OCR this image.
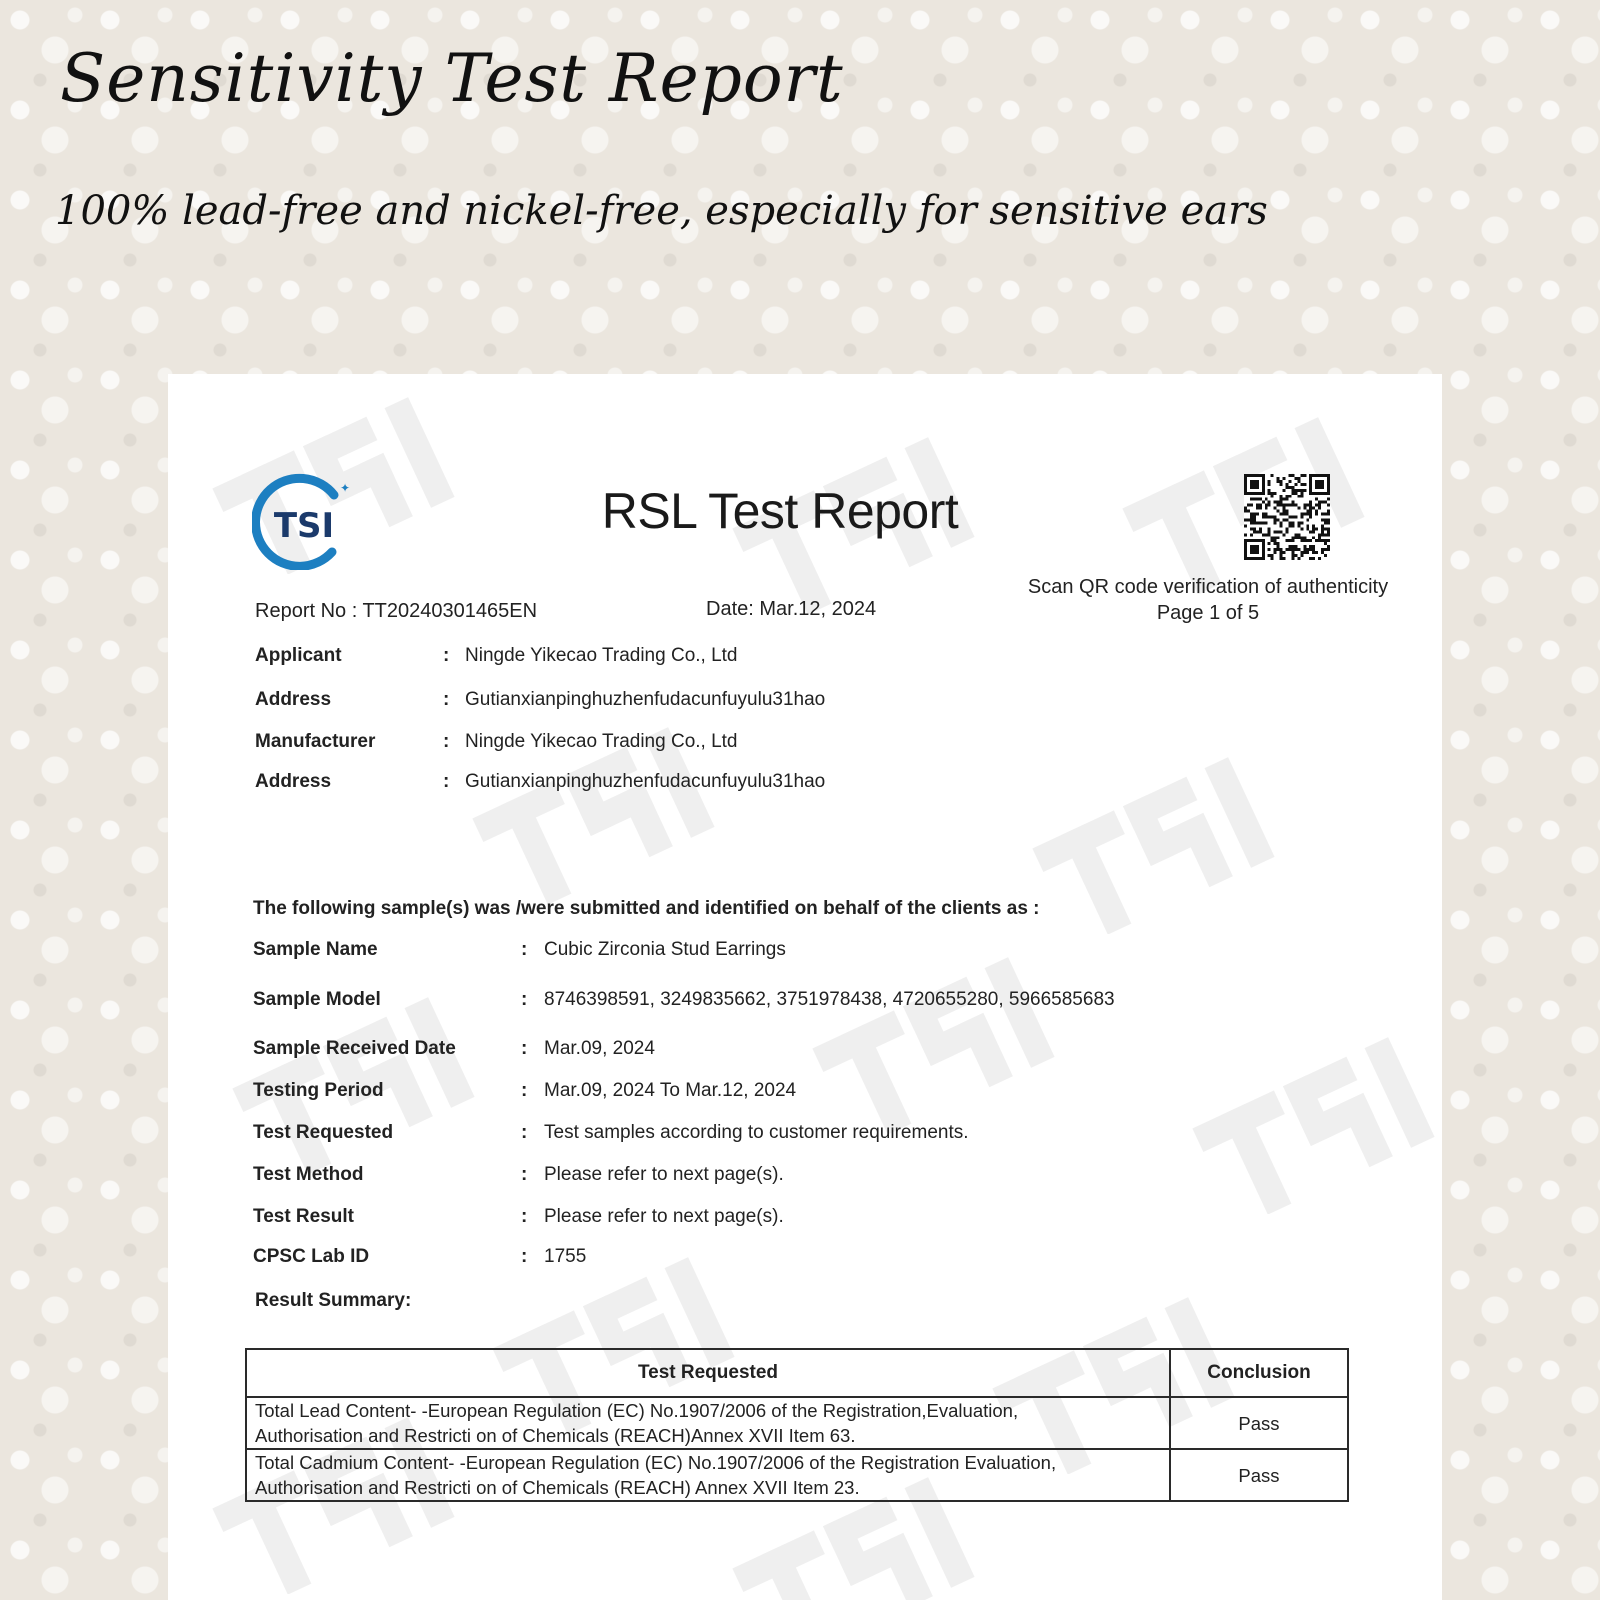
Sensitivity Test Report
100% lead-free and nickel-free, especially for sensitive ears
TSI
✦	RSL Test Report
Scan QR code verification of authenticity
Page 1 of 5
Report No : TT20240301465EN	Date: Mar.12, 2024
Applicant	: Ningde Yikecao Trading Co., Ltd
Address	: Gutianxianpinghuzhenfudacunfuyulu31hao
Manufacturer	: Ningde Yikecao Trading Co., Ltd
Address	: Gutianxianpinghuzhenfudacunfuyulu31hao
The following sample(s) was /were submitted and identified on behalf of the clients as :
Sample Name	: Cubic Zirconia Stud Earrings
Sample Model	: 8746398591, 3249835662, 3751978438, 4720655280, 5966585683
Sample Received Date	: Mar.09, 2024
Testing Period	: Mar.09, 2024 To Mar.12, 2024
Test Requested	: Test samples according to customer requirements.
Test Method	: Please refer to next page(s).
Test Result	: Please refer to next page(s).
CPSC Lab ID	: 1755
Result Summary:
Test Requested	Conclusion

Total Lead Content- -European Regulation (EC) No.1907/2006 of the Registration,Evaluation,
Authorisation and Restricti on of Chemicals (REACH)Annex XVII Item 63.	Pass

Total Cadmium Content- -European Regulation (EC) No.1907/2006 of the Registration Evaluation,
Authorisation and Restricti on of Chemicals (REACH) Annex XVII Item 23.	Pass
